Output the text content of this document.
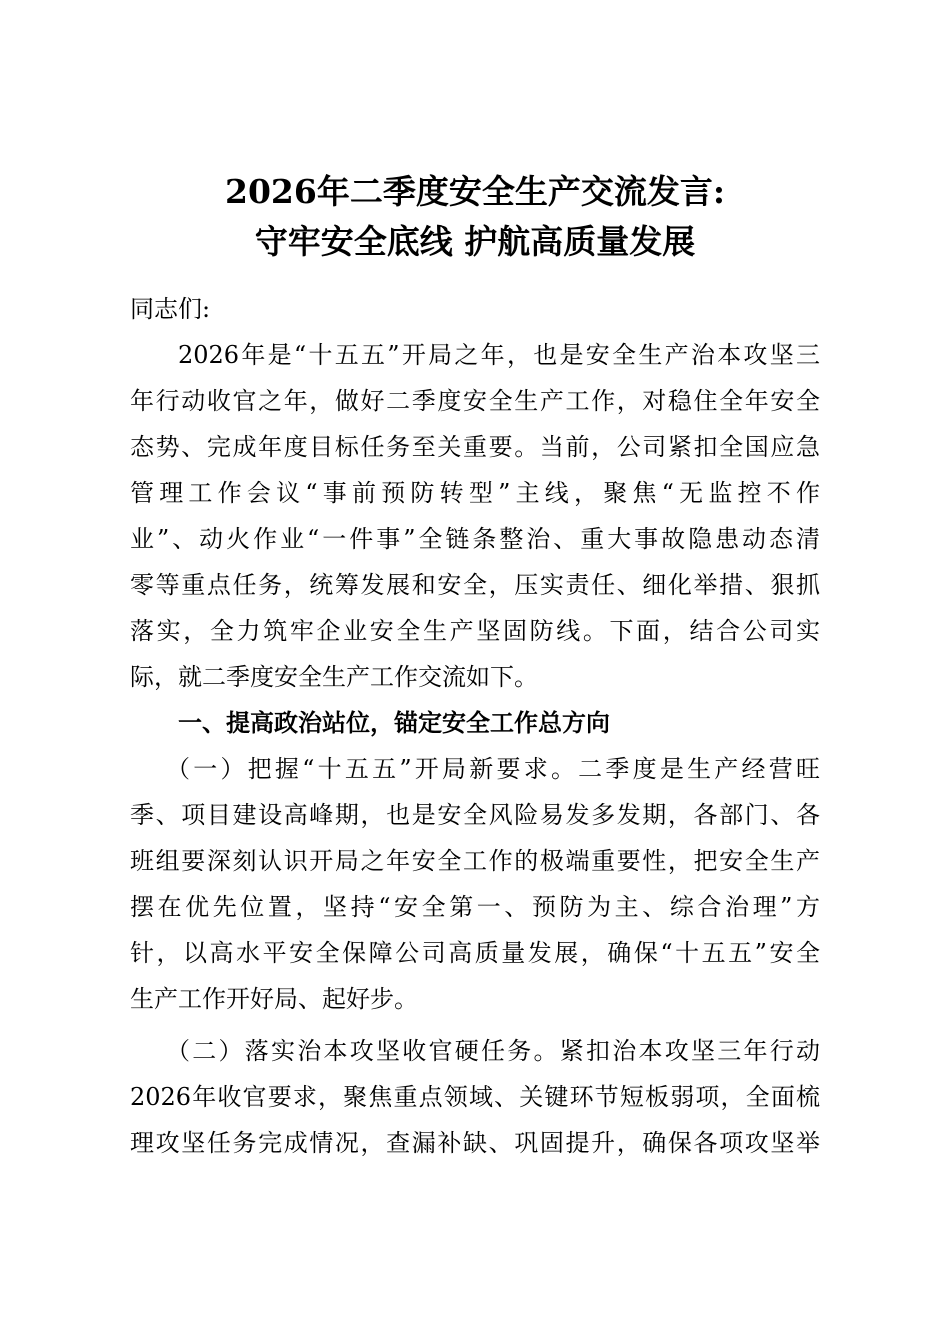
2026年二季度安全生产交流发言:
守牢安全底线 护航高质量发展
同志们:
2026年是“十五五”开局之年，也是安全生产治本攻坚三
年行动收官之年，做好二季度安全生产工作，对稳住全年安全
态势、完成年度目标任务至关重要。当前，公司紧扣全国应急
管理工作会议“事前预防转型”主线，聚焦“无监控不作
业”、动火作业“一件事”全链条整治、重大事故隐患动态清
零等重点任务，统筹发展和安全，压实责任、细化举措、狠抓
落实，全力筑牢企业安全生产坚固防线。下面，结合公司实
际，就二季度安全生产工作交流如下。
一、提高政治站位，锚定安全工作总方向
（一）把握“十五五”开局新要求。二季度是生产经营旺
季、项目建设高峰期，也是安全风险易发多发期，各部门、各
班组要深刻认识开局之年安全工作的极端重要性，把安全生产
摆在优先位置，坚持“安全第一、预防为主、综合治理”方
针，以高水平安全保障公司高质量发展，确保“十五五”安全
生产工作开好局、起好步。
（二）落实治本攻坚收官硬任务。紧扣治本攻坚三年行动
2026年收官要求，聚焦重点领域、关键环节短板弱项，全面梳
理攻坚任务完成情况，查漏补缺、巩固提升，确保各项攻坚举
